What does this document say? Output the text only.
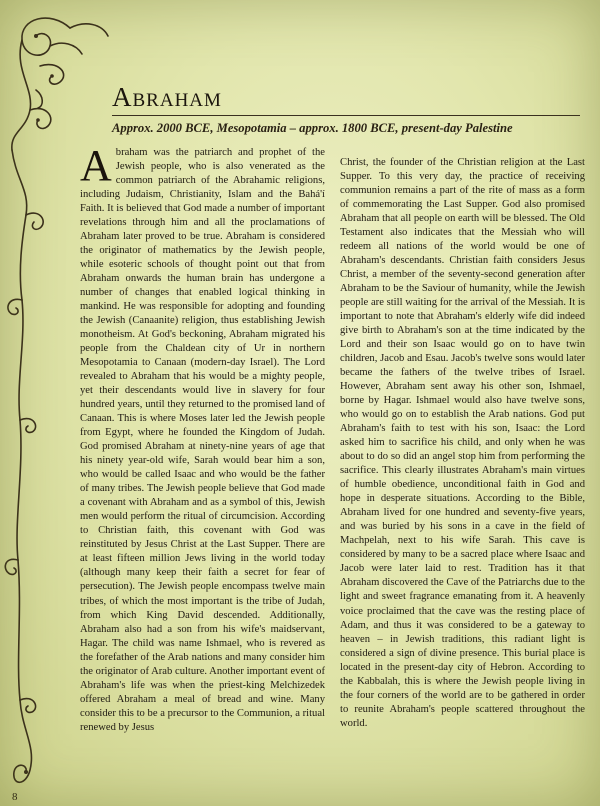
Abraham

Approx. 2000 BCE, Mesopotamia – approx. 1800 BCE, present-day Palestine

Abraham was the patriarch and prophet of the Jewish people, who is also venerated as the common patriarch of the Abrahamic religions, including Judaism, Christianity, Islam and the Bahá'í Faith. It is believed that God made a number of important revelations through him and all the proclamations of Abraham later proved to be true. Abraham is considered the originator of mathematics by the Jewish people, while esoteric schools of thought point out that from Abraham onwards the human brain has undergone a number of changes that enabled logical thinking in mankind. He was responsible for adopting and founding the Jewish (Canaanite) religion, thus establishing Jewish monotheism. At God's beckoning, Abraham migrated his people from the Chaldean city of Ur in northern Mesopotamia to Canaan (modern-day Israel). The Lord revealed to Abraham that his would be a mighty people, yet their descendants would live in slavery for four hundred years, until they returned to the promised land of Canaan. This is where Moses later led the Jewish people from Egypt, where he founded the Kingdom of Judah. God promised Abraham at ninety-nine years of age that his ninety year-old wife, Sarah would bear him a son, who would be called Isaac and who would be the father of many tribes. The Jewish people believe that God made a covenant with Abraham and as a symbol of this, Jewish men would perform the ritual of circumcision. According to Christian faith, this covenant with God was reinstituted by Jesus Christ at the Last Supper. There are at least fifteen million Jews living in the world today (although many keep their faith a secret for fear of persecution). The Jewish people encompass twelve main tribes, of which the most important is the tribe of Judah, from which King David descended. Additionally, Abraham also had a son from his wife's maidservant, Hagar. The child was name Ishmael, who is revered as the forefather of the Arab nations and many consider him the originator of Arab culture. Another important event of Abraham's life was when the priest-king Melchizedek offered Abraham a meal of bread and wine. Many consider this to be a precursor to the Communion, a ritual renewed by Jesus

Christ, the founder of the Christian religion at the Last Supper. To this very day, the practice of receiving communion remains a part of the rite of mass as a form of commemorating the Last Supper. God also promised Abraham that all people on earth will be blessed. The Old Testament also indicates that the Messiah who will redeem all nations of the world would be one of Abraham's descendants. Christian faith considers Jesus Christ, a member of the seventy-second generation after Abraham to be the Saviour of humanity, while the Jewish people are still waiting for the arrival of the Messiah. It is important to note that Abraham's elderly wife did indeed give birth to Abraham's son at the time indicated by the Lord and their son Isaac would go on to have twin children, Jacob and Esau. Jacob's twelve sons would later became the fathers of the twelve tribes of Israel. However, Abraham sent away his other son, Ishmael, borne by Hagar. Ishmael would also have twelve sons, who would go on to establish the Arab nations. God put Abraham's faith to test with his son, Isaac: the Lord asked him to sacrifice his child, and only when he was about to do so did an angel stop him from performing the sacrifice. This clearly illustrates Abraham's main virtues of humble obedience, unconditional faith in God and hope in desperate situations. According to the Bible, Abraham lived for one hundred and seventy-five years, and was buried by his sons in a cave in the field of Machpelah, next to his wife Sarah. This cave is considered by many to be a sacred place where Isaac and Jacob were later laid to rest. Tradition has it that Abraham discovered the Cave of the Patriarchs due to the light and sweet fragrance emanating from it. A heavenly voice proclaimed that the cave was the resting place of Adam, and thus it was considered to be a gateway to heaven – in Jewish traditions, this radiant light is considered a sign of divine presence. This burial place is located in the present-day city of Hebron. According to the Kabbalah, this is where the Jewish people living in the four corners of the world are to be gathered in order to reunite Abraham's people scattered throughout the world.

8
